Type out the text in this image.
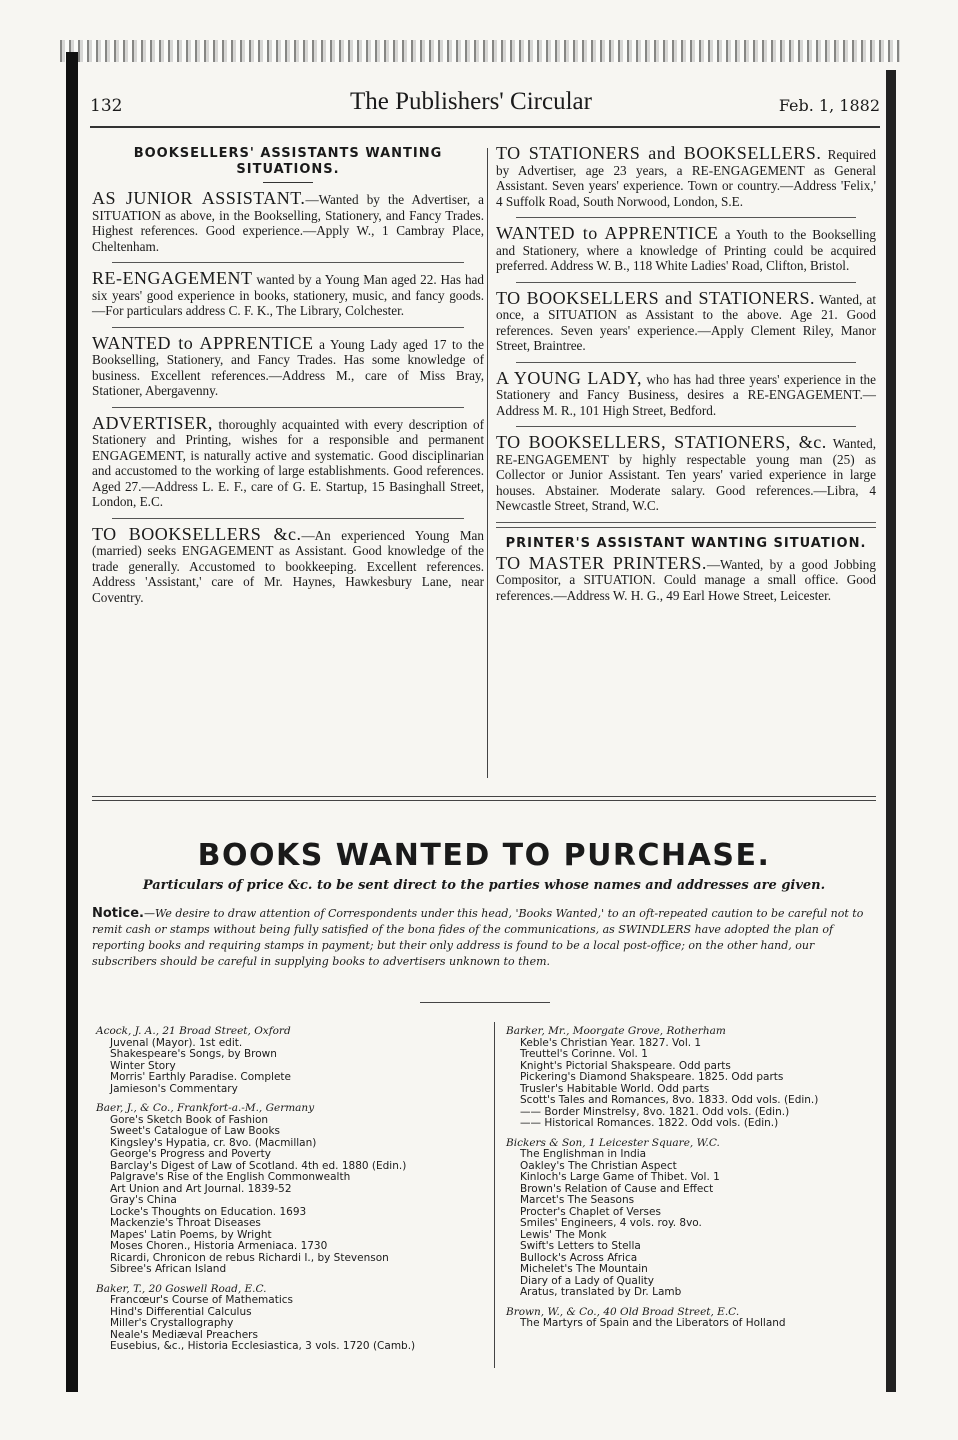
132	The Publishers' Circular	Feb. 1, 1882
BOOKSELLERS' ASSISTANTS WANTING
SITUATIONS.
AS JUNIOR ASSISTANT.—Wanted by the Advertiser, a SITUATION as above, in the Bookselling, Stationery, and Fancy Trades. Highest references. Good experience.—Apply W., 1 Cambray Place, Cheltenham.
RE-ENGAGEMENT wanted by a Young Man aged 22. Has had six years' good experience in books, stationery, music, and fancy goods.—For particulars address C. F. K., The Library, Colchester.
WANTED to APPRENTICE a Young Lady aged 17 to the Bookselling, Stationery, and Fancy Trades. Has some knowledge of business. Excellent references.—Address M., care of Miss Bray, Stationer, Abergavenny.
ADVERTISER, thoroughly acquainted with every description of Stationery and Printing, wishes for a responsible and permanent ENGAGEMENT, is naturally active and systematic. Good disciplinarian and accustomed to the working of large establishments. Good references. Aged 27.—Address L. E. F., care of G. E. Startup, 15 Basinghall Street, London, E.C.
TO BOOKSELLERS &c.—An experienced Young Man (married) seeks ENGAGEMENT as Assistant. Good knowledge of the trade generally. Accustomed to bookkeeping. Excellent references. Address 'Assistant,' care of Mr. Haynes, Hawkesbury Lane, near Coventry.
TO STATIONERS and BOOKSELLERS. Required by Advertiser, age 23 years, a RE-ENGAGEMENT as General Assistant. Seven years' experience. Town or country.—Address 'Felix,' 4 Suffolk Road, South Norwood, London, S.E.
WANTED to APPRENTICE a Youth to the Bookselling and Stationery, where a knowledge of Printing could be acquired preferred. Address W. B., 118 White Ladies' Road, Clifton, Bristol.
TO BOOKSELLERS and STATIONERS. Wanted, at once, a SITUATION as Assistant to the above. Age 21. Good references. Seven years' experience.—Apply Clement Riley, Manor Street, Braintree.
A YOUNG LADY, who has had three years' experience in the Stationery and Fancy Business, desires a RE-ENGAGEMENT.—Address M. R., 101 High Street, Bedford.
TO BOOKSELLERS, STATIONERS, &c. Wanted, RE-ENGAGEMENT by highly respectable young man (25) as Collector or Junior Assistant. Ten years' varied experience in large houses. Abstainer. Moderate salary. Good references.—Libra, 4 Newcastle Street, Strand, W.C.
PRINTER'S ASSISTANT WANTING SITUATION.
TO MASTER PRINTERS.—Wanted, by a good Jobbing Compositor, a SITUATION. Could manage a small office. Good references.—Address W. H. G., 49 Earl Howe Street, Leicester.
BOOKS WANTED TO PURCHASE.
Particulars of price &c. to be sent direct to the parties whose names and addresses are given.
Notice.—We desire to draw attention of Correspondents under this head, 'Books Wanted,' to an oft-repeated caution to be careful not to remit cash or stamps without being fully satisfied of the bona fides of the communications, as SWINDLERS have adopted the plan of reporting books and requiring stamps in payment; but their only address is found to be a local post-office; on the other hand, our subscribers should be careful in supplying books to advertisers unknown to them.
Acock, J. A., 21 Broad Street, Oxford
Juvenal (Mayor). 1st edit.
Shakespeare's Songs, by Brown
Winter Story
Morris' Earthly Paradise. Complete
Jamieson's Commentary
Baer, J., & Co., Frankfort-a.-M., Germany
Gore's Sketch Book of Fashion
Sweet's Catalogue of Law Books
Kingsley's Hypatia, cr. 8vo. (Macmillan)
George's Progress and Poverty
Barclay's Digest of Law of Scotland. 4th ed. 1880 (Edin.)
Palgrave's Rise of the English Commonwealth
Art Union and Art Journal. 1839-52
Gray's China
Locke's Thoughts on Education. 1693
Mackenzie's Throat Diseases
Mapes' Latin Poems, by Wright
Moses Choren., Historia Armeniaca. 1730
Ricardi, Chronicon de rebus Richardi I., by Stevenson
Sibree's African Island
Baker, T., 20 Goswell Road, E.C.
Francœur's Course of Mathematics
Hind's Differential Calculus
Miller's Crystallography
Neale's Mediæval Preachers
Eusebius, &c., Historia Ecclesiastica, 3 vols. 1720 (Camb.)
Barker, Mr., Moorgate Grove, Rotherham
Keble's Christian Year. 1827. Vol. 1
Treuttel's Corinne. Vol. 1
Knight's Pictorial Shakspeare. Odd parts
Pickering's Diamond Shakspeare. 1825. Odd parts
Trusler's Habitable World. Odd parts
Scott's Tales and Romances, 8vo. 1833. Odd vols. (Edin.)
—— Border Minstrelsy, 8vo. 1821. Odd vols. (Edin.)
—— Historical Romances. 1822. Odd vols. (Edin.)
Bickers & Son, 1 Leicester Square, W.C.
The Englishman in India
Oakley's The Christian Aspect
Kinloch's Large Game of Thibet. Vol. 1
Brown's Relation of Cause and Effect
Marcet's The Seasons
Procter's Chaplet of Verses
Smiles' Engineers, 4 vols. roy. 8vo.
Lewis' The Monk
Swift's Letters to Stella
Bullock's Across Africa
Michelet's The Mountain
Diary of a Lady of Quality
Aratus, translated by Dr. Lamb
Brown, W., & Co., 40 Old Broad Street, E.C.
The Martyrs of Spain and the Liberators of Holland
